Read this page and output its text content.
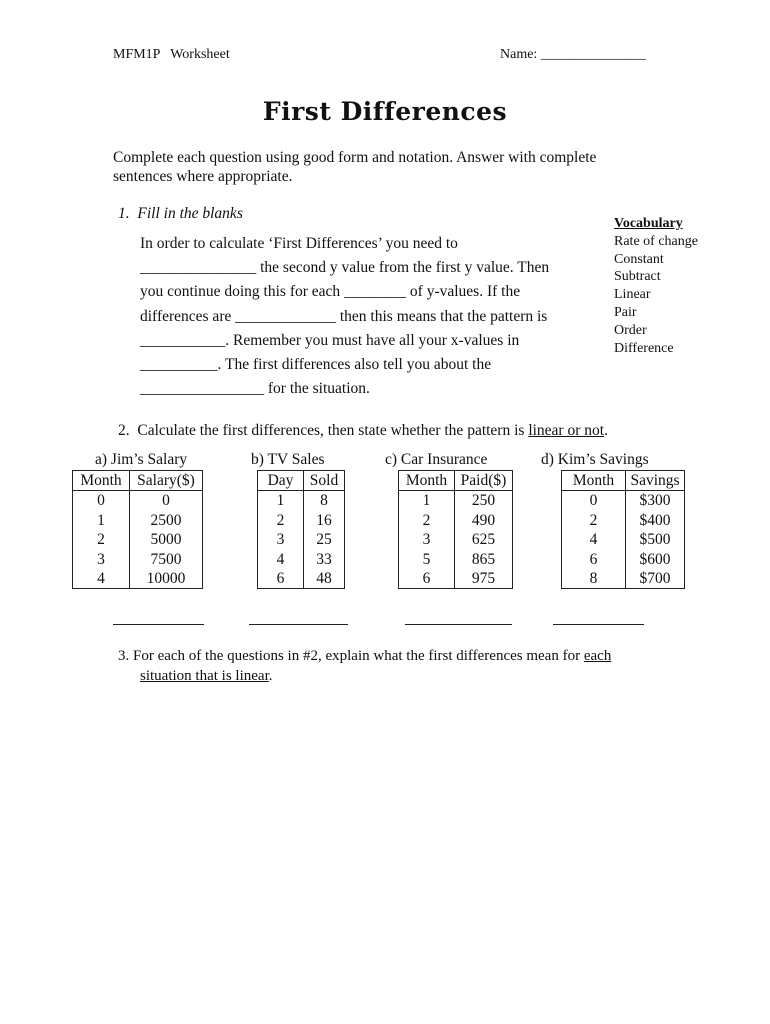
MFM1P   Worksheet	Name: _______________
First Differences
Complete each question using good form and notation. Answer with complete sentences where appropriate.
1.  Fill in the blanks
In order to calculate ‘First Differences’ you need to
_______________ the second y value from the first y value. Then
you continue doing this for each ________ of y-values. If the
differences are _____________ then this means that the pattern is
___________. Remember you must have all your x-values in
__________. The first differences also tell you about the
________________ for the situation.
Vocabulary
Rate of change
Constant
Subtract
Linear
Pair
Order
Difference
2.  Calculate the first differences, then state whether the pattern is linear or not.
a) Jim’s Salary
Month	Salary($)
0	0
1	2500
2	5000
3	7500
4	10000
b) TV Sales
Day	Sold
1	8
2	16
3	25
4	33
6	48
c) Car Insurance
Month	Paid($)
1	250
2	490
3	625
5	865
6	975
d) Kim’s Savings
Month	Savings
0	$300
2	$400
4	$500
6	$600
8	$700
3. For each of the questions in #2, explain what the first differences mean for each
situation that is linear.
